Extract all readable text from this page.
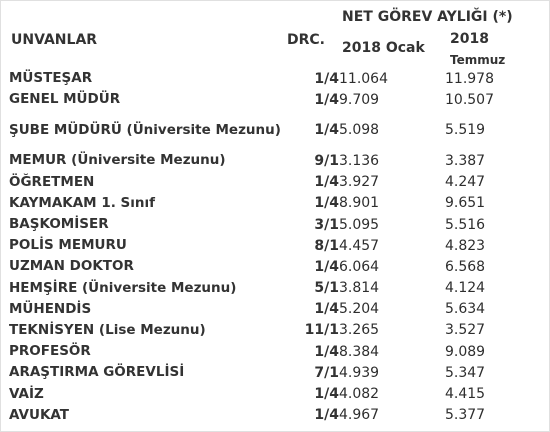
UNVANLAR	DRC.
NET GÖREV AYLIĞI (*)
2018 Ocak
2018
Temmuz
MÜSTEŞAR	1/4	11.064	11.978
GENEL MÜDÜR	1/4	9.709	10.507
ŞUBE MÜDÜRÜ (Üniversite Mezunu)	1/4	5.098	5.519
MEMUR (Üniversite Mezunu)	9/1	3.136	3.387
ÖĞRETMEN	1/4	3.927	4.247
KAYMAKAM 1. Sınıf	1/4	8.901	9.651
BAŞKOMİSER	3/1	5.095	5.516
POLİS MEMURU	8/1	4.457	4.823
UZMAN DOKTOR	1/4	6.064	6.568
HEMŞİRE (Üniversite Mezunu)	5/1	3.814	4.124
MÜHENDİS	1/4	5.204	5.634
TEKNİSYEN (Lise Mezunu)	11/1	3.265	3.527
PROFESÖR	1/4	8.384	9.089
ARAŞTIRMA GÖREVLİSİ	7/1	4.939	5.347
VAİZ	1/4	4.082	4.415
AVUKAT	1/4	4.967	5.377
